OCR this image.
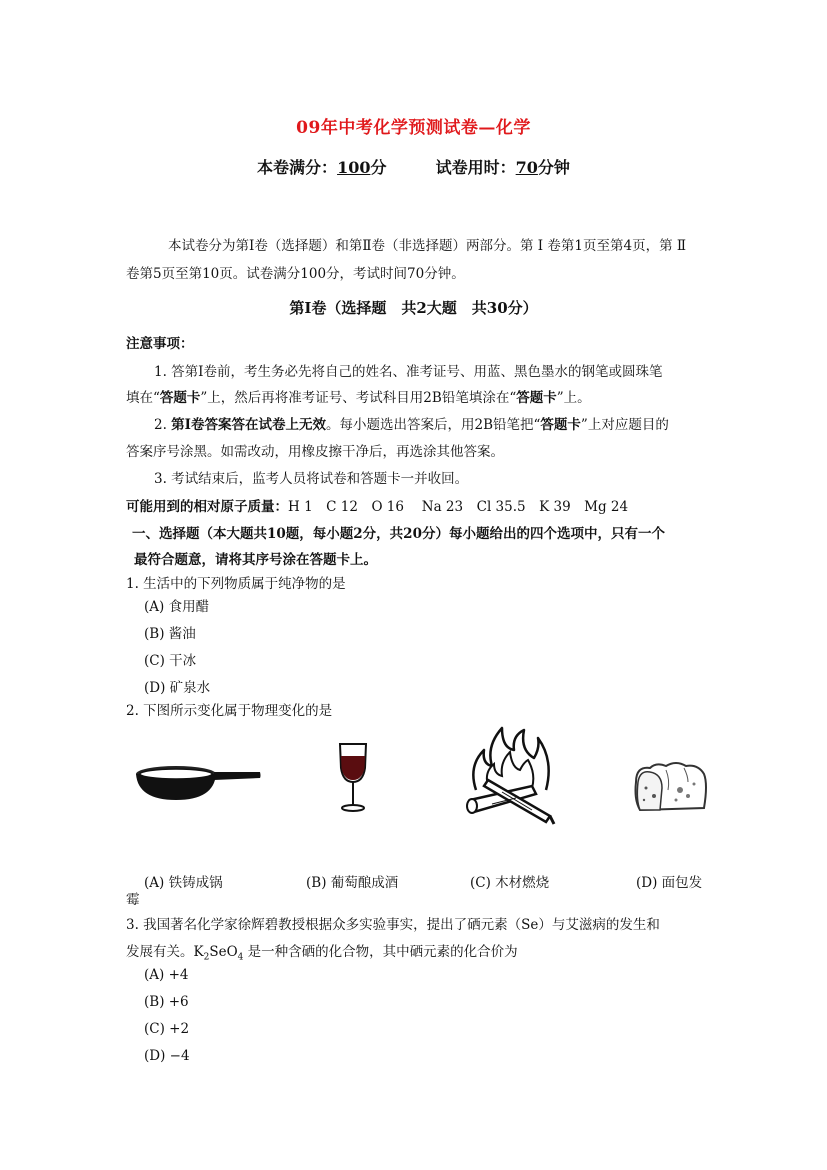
09年中考化学预测试卷—化学
本卷满分：100分	试卷用时：70分钟
本试卷分为第Ⅰ卷（选择题）和第Ⅱ卷（非选择题）两部分。第 Ⅰ 卷第1页至第4页，第 Ⅱ
卷第5页至第10页。试卷满分100分，考试时间70分钟。
第Ⅰ卷（选择题　共2大题　共30分）
注意事项：
1. 答第Ⅰ卷前，考生务必先将自己的姓名、准考证号、用蓝、黑色墨水的钢笔或圆珠笔
填在“答题卡”上，然后再将准考证号、考试科目用2B铅笔填涂在“答题卡”上。
2. 第Ⅰ卷答案答在试卷上无效。每小题选出答案后，用2B铅笔把“答题卡”上对应题目的
答案序号涂黑。如需改动，用橡皮擦干净后，再选涂其他答案。
3. 考试结束后，监考人员将试卷和答题卡一并收回。
可能用到的相对原子质量：H 1　C 12　O 16　 Na 23　Cl 35.5　K 39　Mg 24
一、选择题（本大题共10题，每小题2分，共20分）每小题给出的四个选项中，只有一个
最符合题意，请将其序号涂在答题卡上。
1. 生活中的下列物质属于纯净物的是
(A) 食用醋
(B) 酱油
(C) 干冰
(D) 矿泉水
2. 下图所示变化属于物理变化的是
(A) 铁铸成锅	(B) 葡萄酿成酒	(C) 木材燃烧	(D) 面包发
霉
3. 我国著名化学家徐辉碧教授根据众多实验事实，提出了硒元素（Se）与艾滋病的发生和
发展有关。$K_2SeO_4$ 是一种含硒的化合物，其中硒元素的化合价为
(A) +4
(B) +6
(C) +2
(D) −4
